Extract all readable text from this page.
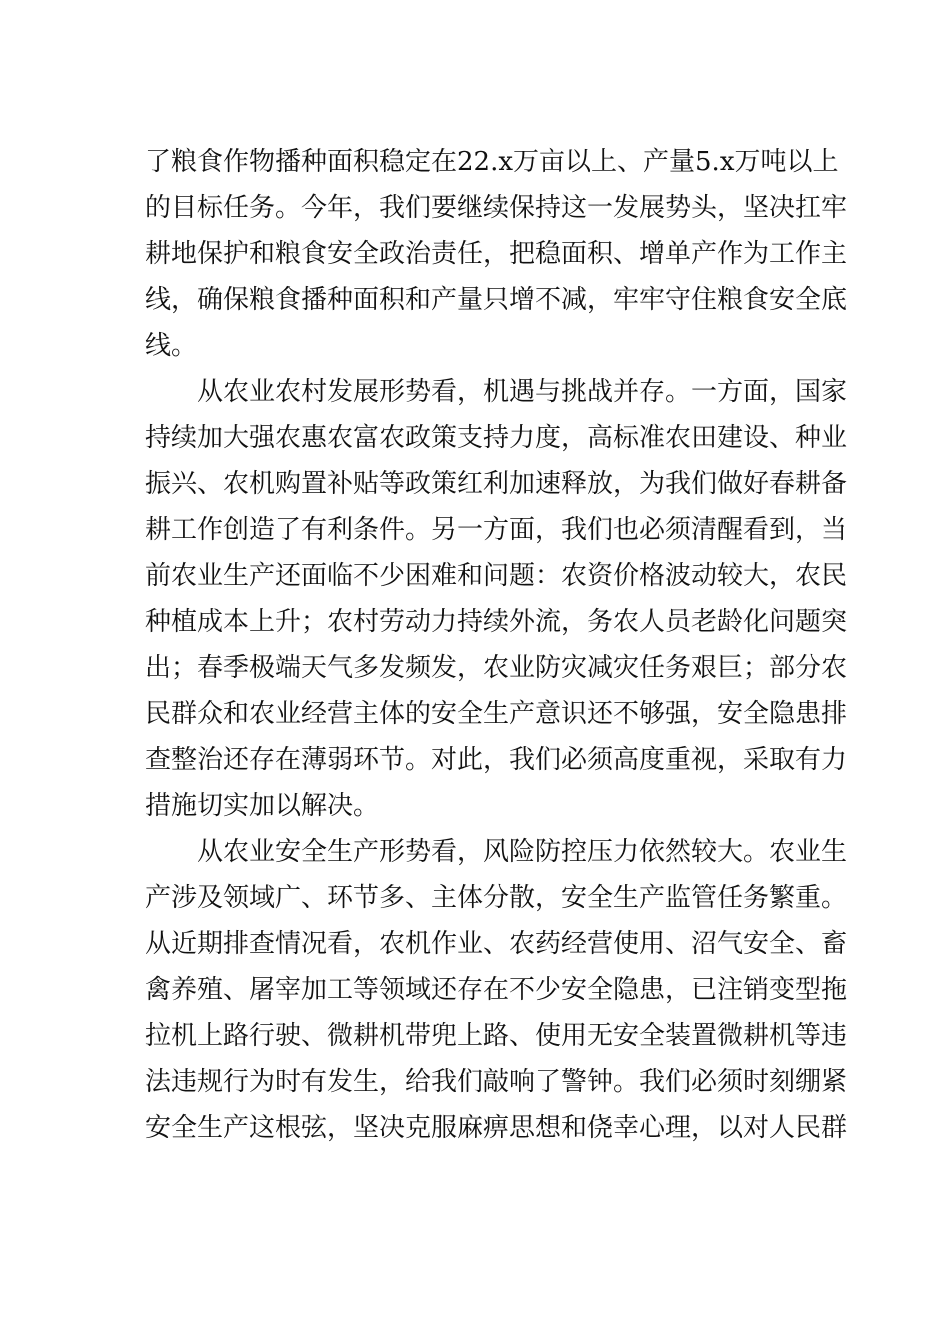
了粮食作物播种面积稳定在22.x万亩以上、产量5.x万吨以上
的目标任务。今年，我们要继续保持这一发展势头，坚决扛牢
耕地保护和粮食安全政治责任，把稳面积、增单产作为工作主
线，确保粮食播种面积和产量只增不减，牢牢守住粮食安全底
线。
从农业农村发展形势看，机遇与挑战并存。一方面，国家
持续加大强农惠农富农政策支持力度，高标准农田建设、种业
振兴、农机购置补贴等政策红利加速释放，为我们做好春耕备
耕工作创造了有利条件。另一方面，我们也必须清醒看到，当
前农业生产还面临不少困难和问题：农资价格波动较大，农民
种植成本上升；农村劳动力持续外流，务农人员老龄化问题突
出；春季极端天气多发频发，农业防灾减灾任务艰巨；部分农
民群众和农业经营主体的安全生产意识还不够强，安全隐患排
查整治还存在薄弱环节。对此，我们必须高度重视，采取有力
措施切实加以解决。
从农业安全生产形势看，风险防控压力依然较大。农业生
产涉及领域广、环节多、主体分散，安全生产监管任务繁重。
从近期排查情况看，农机作业、农药经营使用、沼气安全、畜
禽养殖、屠宰加工等领域还存在不少安全隐患，已注销变型拖
拉机上路行驶、微耕机带兜上路、使用无安全装置微耕机等违
法违规行为时有发生，给我们敲响了警钟。我们必须时刻绷紧
安全生产这根弦，坚决克服麻痹思想和侥幸心理，以对人民群
